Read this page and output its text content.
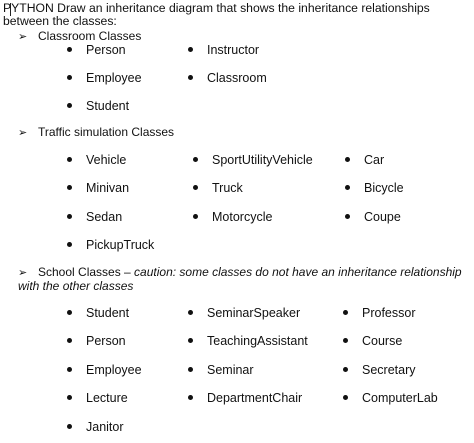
PYTHON Draw an inheritance diagram that shows the inheritance relationships between the classes:
➢ Classroom Classes
Person	Instructor
Employee	Classroom
Student
➢ Traffic simulation Classes
Vehicle	SportUtilityVehicle	Car
Minivan	Truck	Bicycle
Sedan	Motorcycle	Coupe
PickupTruck
➢ School Classes – caution: some classes do not have an inheritance relationship with the other classes
Student	SeminarSpeaker	Professor
Person	TeachingAssistant	Course
Employee	Seminar	Secretary
Lecture	DepartmentChair	ComputerLab
Janitor
